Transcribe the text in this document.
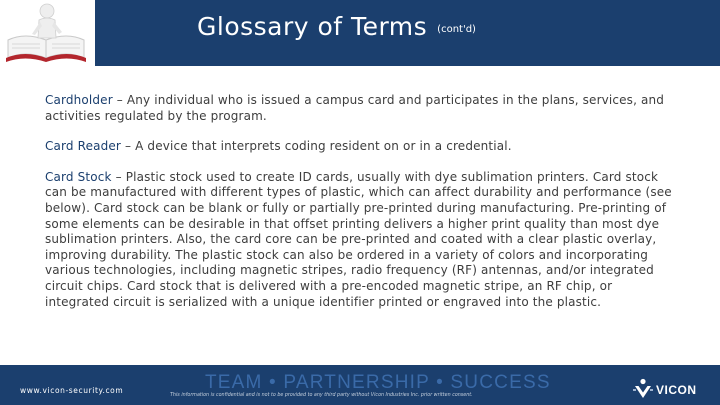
Glossary of Terms (cont'd)

Cardholder – Any individual who is issued a campus card and participates in the plans, services, and activities regulated by the program.

Card Reader – A device that interprets coding resident on or in a credential.

Card Stock – Plastic stock used to create ID cards, usually with dye sublimation printers. Card stock can be manufactured with different types of plastic, which can affect durability and performance (see below). Card stock can be blank or fully or partially pre-printed during manufacturing. Pre-printing of some elements can be desirable in that offset printing delivers a higher print quality than most dye sublimation printers. Also, the card core can be pre-printed and coated with a clear plastic overlay, improving durability. The plastic stock can also be ordered in a variety of colors and incorporating various technologies, including magnetic stripes, radio frequency (RF) antennas, and/or integrated circuit chips. Card stock that is delivered with a pre-encoded magnetic stripe, an RF chip, or integrated circuit is serialized with a unique identifier printed or engraved into the plastic.

www.vicon-security.com	TEAM • PARTNERSHIP • SUCCESS
This information is confidential and is not to be provided to any third party without Vicon Industries Inc. prior written consent.	VICON
